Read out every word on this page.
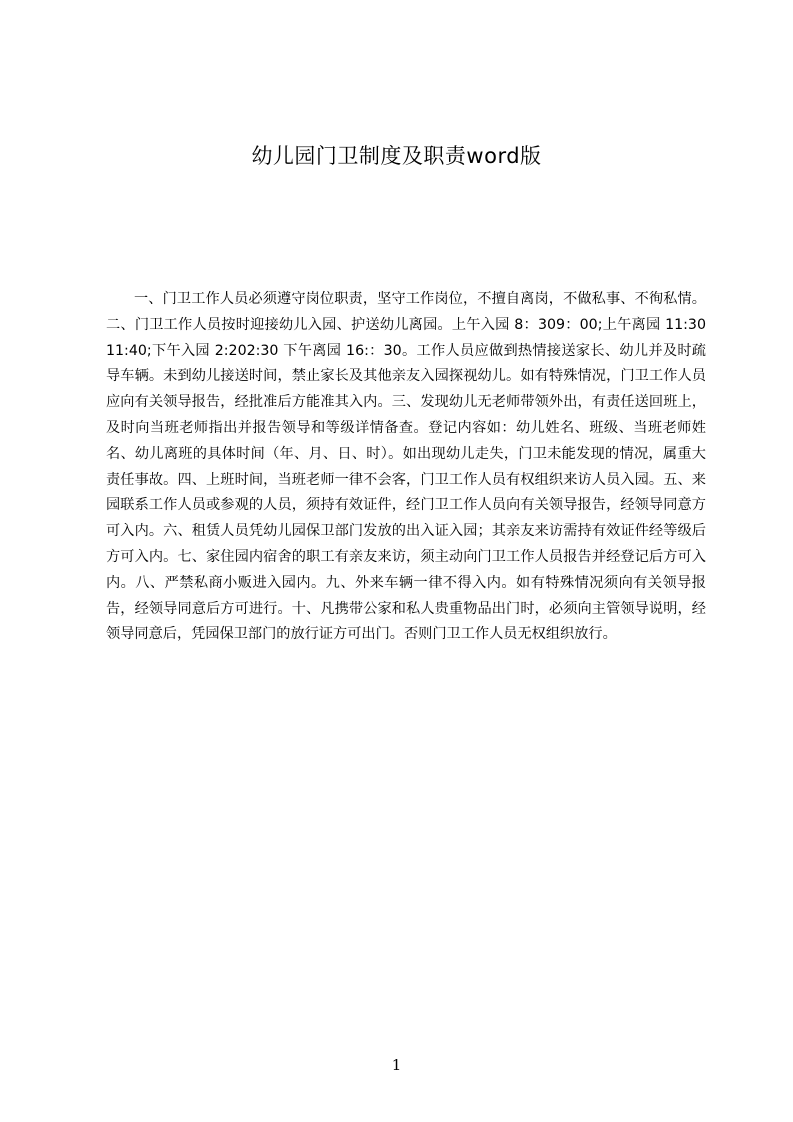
幼儿园门卫制度及职责word版

一、门卫工作人员必须遵守岗位职责，坚守工作岗位，不擅自离岗，不做私事、不徇私情。二、门卫工作人员按时迎接幼儿入园、护送幼儿离园。上午入园 8：309：00;上午离园 11:3011:40;下午入园 2:202:30 下午离园 16:：30。工作人员应做到热情接送家长、幼儿并及时疏导车辆。未到幼儿接送时间，禁止家长及其他亲友入园探视幼儿。如有特殊情况，门卫工作人员应向有关领导报告，经批准后方能准其入内。三、发现幼儿无老师带领外出，有责任送回班上，及时向当班老师指出并报告领导和等级详情备查。登记内容如：幼儿姓名、班级、当班老师姓名、幼儿离班的具体时间（年、月、日、时）。如出现幼儿走失，门卫未能发现的情况，属重大责任事故。四、上班时间，当班老师一律不会客，门卫工作人员有权组织来访人员入园。五、来园联系工作人员或参观的人员，须持有效证件，经门卫工作人员向有关领导报告，经领导同意方可入内。六、租赁人员凭幼儿园保卫部门发放的出入证入园；其亲友来访需持有效证件经等级后方可入内。七、家住园内宿舍的职工有亲友来访，须主动向门卫工作人员报告并经登记后方可入内。八、严禁私商小贩进入园内。九、外来车辆一律不得入内。如有特殊情况须向有关领导报告，经领导同意后方可进行。十、凡携带公家和私人贵重物品出门时，必须向主管领导说明，经领导同意后，凭园保卫部门的放行证方可出门。否则门卫工作人员无权组织放行。

1
